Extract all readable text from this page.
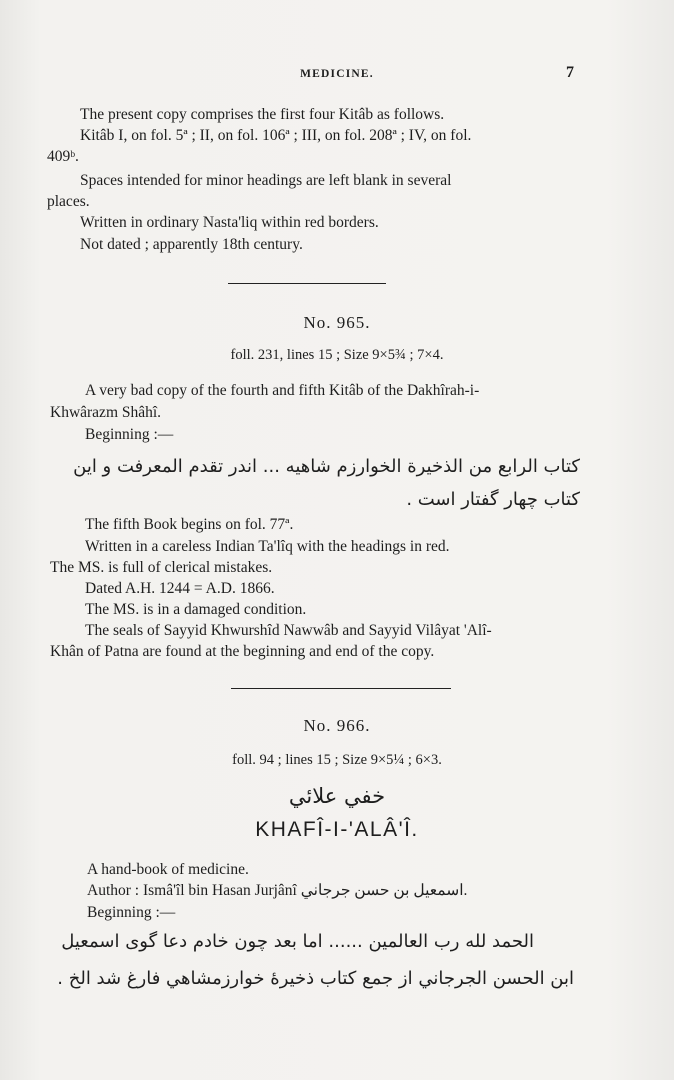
MEDICINE.	7
The present copy comprises the first four Kitâb as follows.
Kitâb I, on fol. 5ª ; II, on fol. 106ª ; III, on fol. 208ª ; IV, on fol.
409ᵇ.
Spaces intended for minor headings are left blank in several
places.
Written in ordinary Nasta'liq within red borders.
Not dated ; apparently 18th century.
No. 965.
foll. 231, lines 15 ; Size 9×5¾ ; 7×4.
A very bad copy of the fourth and fifth Kitâb of the Dakhîrah-i-
Khwârazm Shâhî.
Beginning :—
كتاب الرابع من الذخيرة الخوارزم شاهيه ... اندر تقدم المعرفت و اين
كتاب چهار گفتار است .
The fifth Book begins on fol. 77ª.
Written in a careless Indian Ta'lîq with the headings in red.
The MS. is full of clerical mistakes.
Dated A.H. 1244 = A.D. 1866.
The MS. is in a damaged condition.
The seals of Sayyid Khwurshîd Nawwâb and Sayyid Vilâyat 'Alî-
Khân of Patna are found at the beginning and end of the copy.
No. 966.
foll. 94 ; lines 15 ; Size 9×5¼ ; 6×3.
خفي علائي
KHAFÎ-I-'ALÂ'Î.
A hand-book of medicine.
Author : Ismâ'îl bin Hasan Jurjânî اسمعيل بن حسن جرجاني.
Beginning :—
الحمد لله رب العالمين ...... اما بعد چون خادم دعا گوی اسمعيل
ابن الحسن الجرجاني از جمع كتاب ذخيرهٔ خوارزمشاهي فارغ شد الخ .
